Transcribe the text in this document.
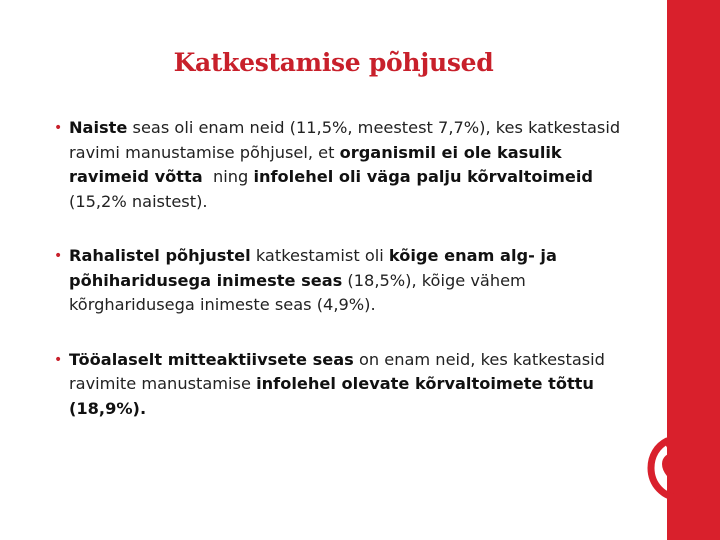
Katkestamise põhjused

• Naiste seas oli enam neid (11,5%, meestest 7,7%), kes katkestasid ravimi manustamise põhjusel, et organismil ei ole kasulik ravimeid võtta  ning infolehel oli väga palju kõrvaltoimeid (15,2% naistest).

• Rahalistel põhjustel katkestamist oli kõige enam alg- ja põhiharidusega inimeste seas (18,5%), kõige vähem kõrgharidusega inimeste seas (4,9%).

• Tööalaselt mitteaktiivsete seas on enam neid, kes katkestasid ravimite manustamise infolehel olevate kõrvaltoimete tõttu (18,9%).
